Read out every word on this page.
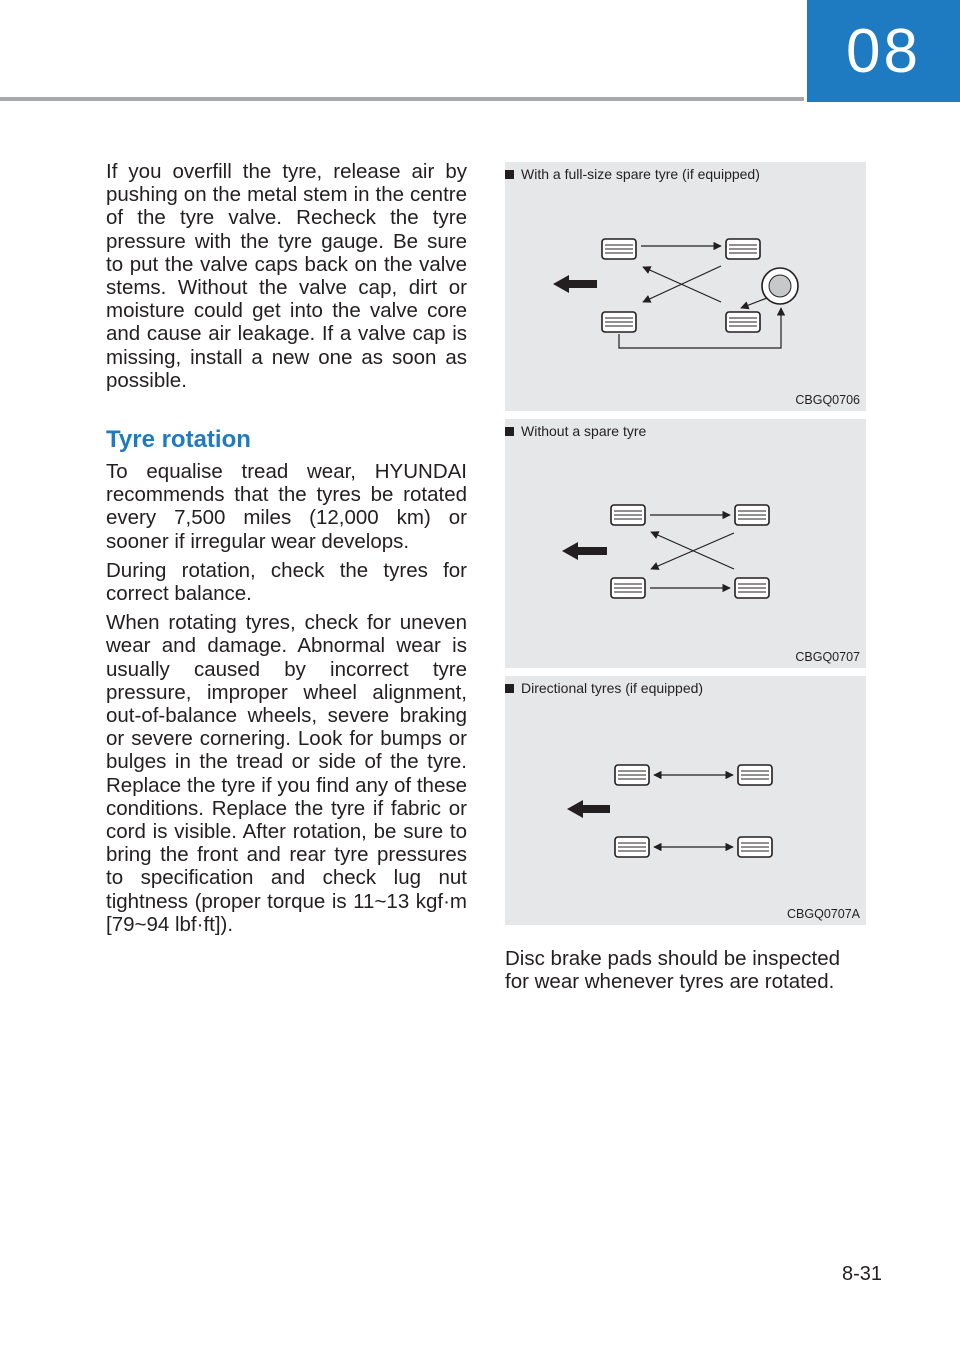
08

If you overfill the tyre, release air by pushing on the metal stem in the centre of the tyre valve. Recheck the tyre pressure with the tyre gauge. Be sure to put the valve caps back on the valve stems. Without the valve cap, dirt or moisture could get into the valve core and cause air leakage. If a valve cap is missing, install a new one as soon as possible.

Tyre rotation

To equalise tread wear, HYUNDAI recommends that the tyres be rotated every 7,500 miles (12,000 km) or sooner if irregular wear develops.

During rotation, check the tyres for correct balance.

When rotating tyres, check for uneven wear and damage. Abnormal wear is usually caused by incorrect tyre pressure, improper wheel alignment, out-of-balance wheels, severe braking or severe cornering. Look for bumps or bulges in the tread or side of the tyre. Replace the tyre if you find any of these conditions. Replace the tyre if fabric or cord is visible. After rotation, be sure to bring the front and rear tyre pressures to specification and check lug nut tightness (proper torque is 11~13 kgf·m [79~94 lbf·ft]).

With a full-size spare tyre (if equipped)
CBGQ0706
Without a spare tyre
CBGQ0707
Directional tyres (if equipped)
CBGQ0707A

Disc brake pads should be inspected for wear whenever tyres are rotated.

8-31
